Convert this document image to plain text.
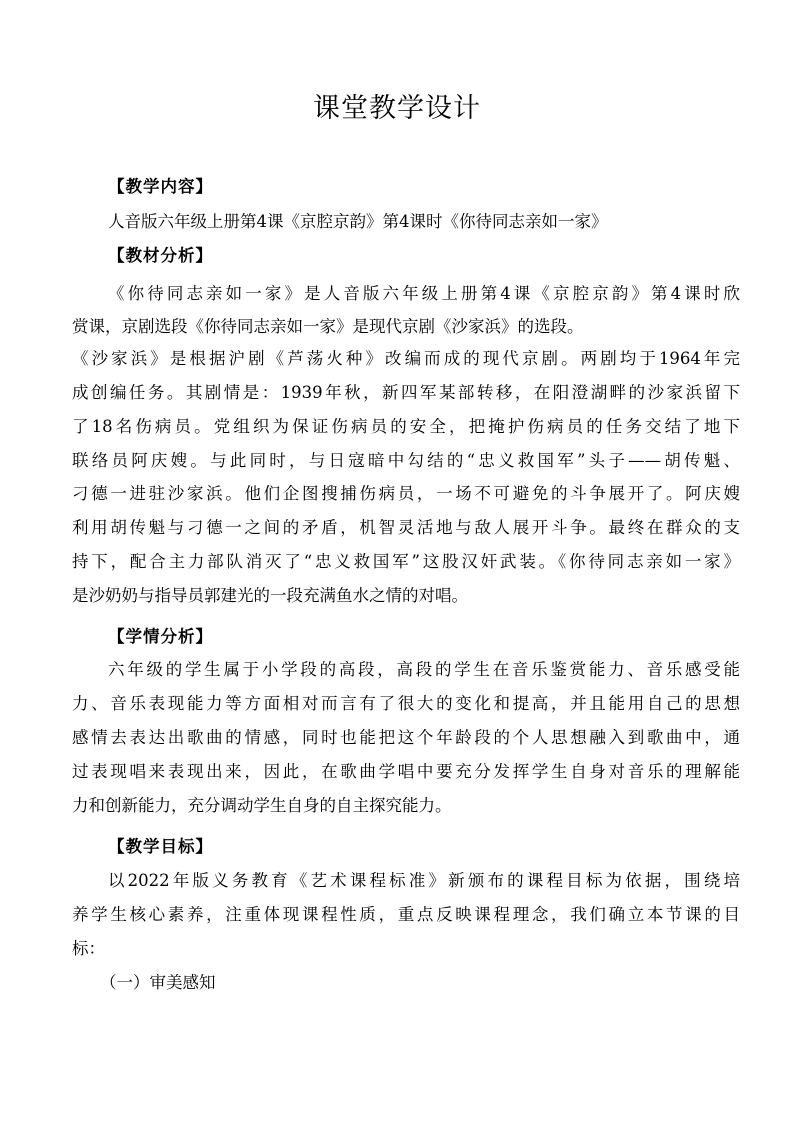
课堂教学设计
【教学内容】
人音版六年级上册第4课《京腔京韵》第4课时《你待同志亲如一家》
【教材分析】
《你待同志亲如一家》是人音版六年级上册第4课《京腔京韵》第4课时欣
赏课，京剧选段《你待同志亲如一家》是现代京剧《沙家浜》的选段。
《沙家浜》是根据沪剧《芦荡火种》改编而成的现代京剧。两剧均于1964年完
成创编任务。其剧情是：1939年秋，新四军某部转移，在阳澄湖畔的沙家浜留下
了18名伤病员。党组织为保证伤病员的安全，把掩护伤病员的任务交结了地下
联络员阿庆嫂。与此同时，与日寇暗中勾结的“忠义救国军”头子——胡传魁、
刁德一进驻沙家浜。他们企图搜捕伤病员，一场不可避免的斗争展开了。阿庆嫂
利用胡传魁与刁德一之间的矛盾，机智灵活地与敌人展开斗争。最终在群众的支
持下，配合主力部队消灭了“忠义救国军”这股汉奸武装。《你待同志亲如一家》
是沙奶奶与指导员郭建光的一段充满鱼水之情的对唱。
【学情分析】
六年级的学生属于小学段的高段，高段的学生在音乐鉴赏能力、音乐感受能
力、音乐表现能力等方面相对而言有了很大的变化和提高，并且能用自己的思想
感情去表达出歌曲的情感，同时也能把这个年龄段的个人思想融入到歌曲中，通
过表现唱来表现出来，因此，在歌曲学唱中要充分发挥学生自身对音乐的理解能
力和创新能力，充分调动学生自身的自主探究能力。
【教学目标】
以2022年版义务教育《艺术课程标准》新颁布的课程目标为依据，围绕培
养学生核心素养，注重体现课程性质，重点反映课程理念，我们确立本节课的目
标：
（一）审美感知
